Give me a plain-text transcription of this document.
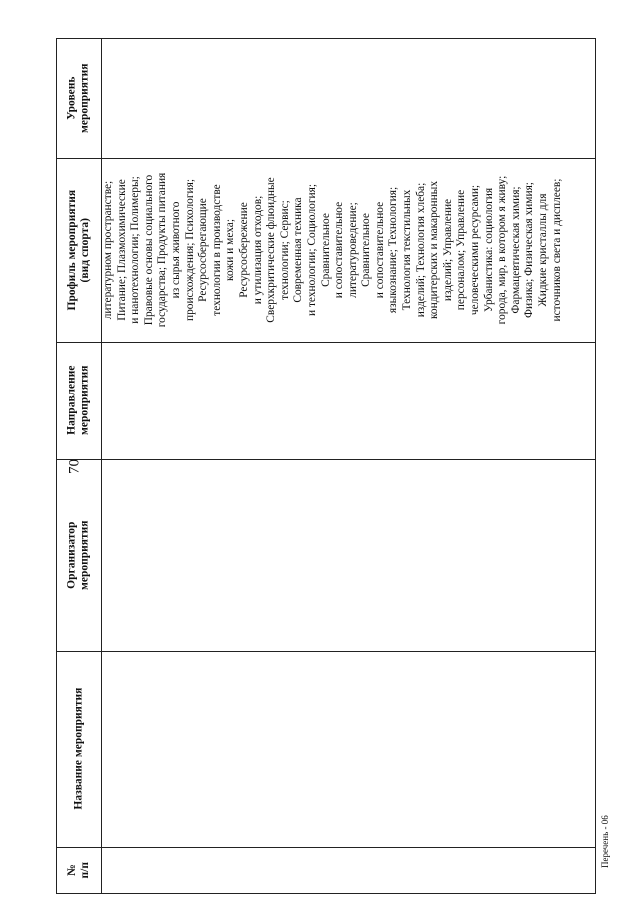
70
Уровень
мероприятия
Профиль мероприятия
(вид спорта)
Направление
мероприятия
Организатор
мероприятия
Название мероприятия
№
п/п
литературном пространстве; Питание; Плазмохимические и нанотехнологии; Полимеры; Правовые основы социального государства; Продукты питания из сырья животного происхождения; Психология; Ресурсосберегающие технологии в производстве кожи и меха; Ресурсосбережение и утилизация отходов; Сверхкритические флюидные технологии; Сервис; Современная техника и технологии; Социология; Сравнительное и сопоставительное литературоведение; Сравнительное и сопоставительное языкознание; Технология; Технология текстильных изделий; Технология хлеба; кондитерских и макаронных изделий; Управление персоналом; Управление человеческими ресурсами; Урбанистика: социология города, мир, в котором я живу; Фармацевтическая химия; Физика; Физическая химия; Жидкие кристаллы для источников света и дисплеев;
Перечень - 06
